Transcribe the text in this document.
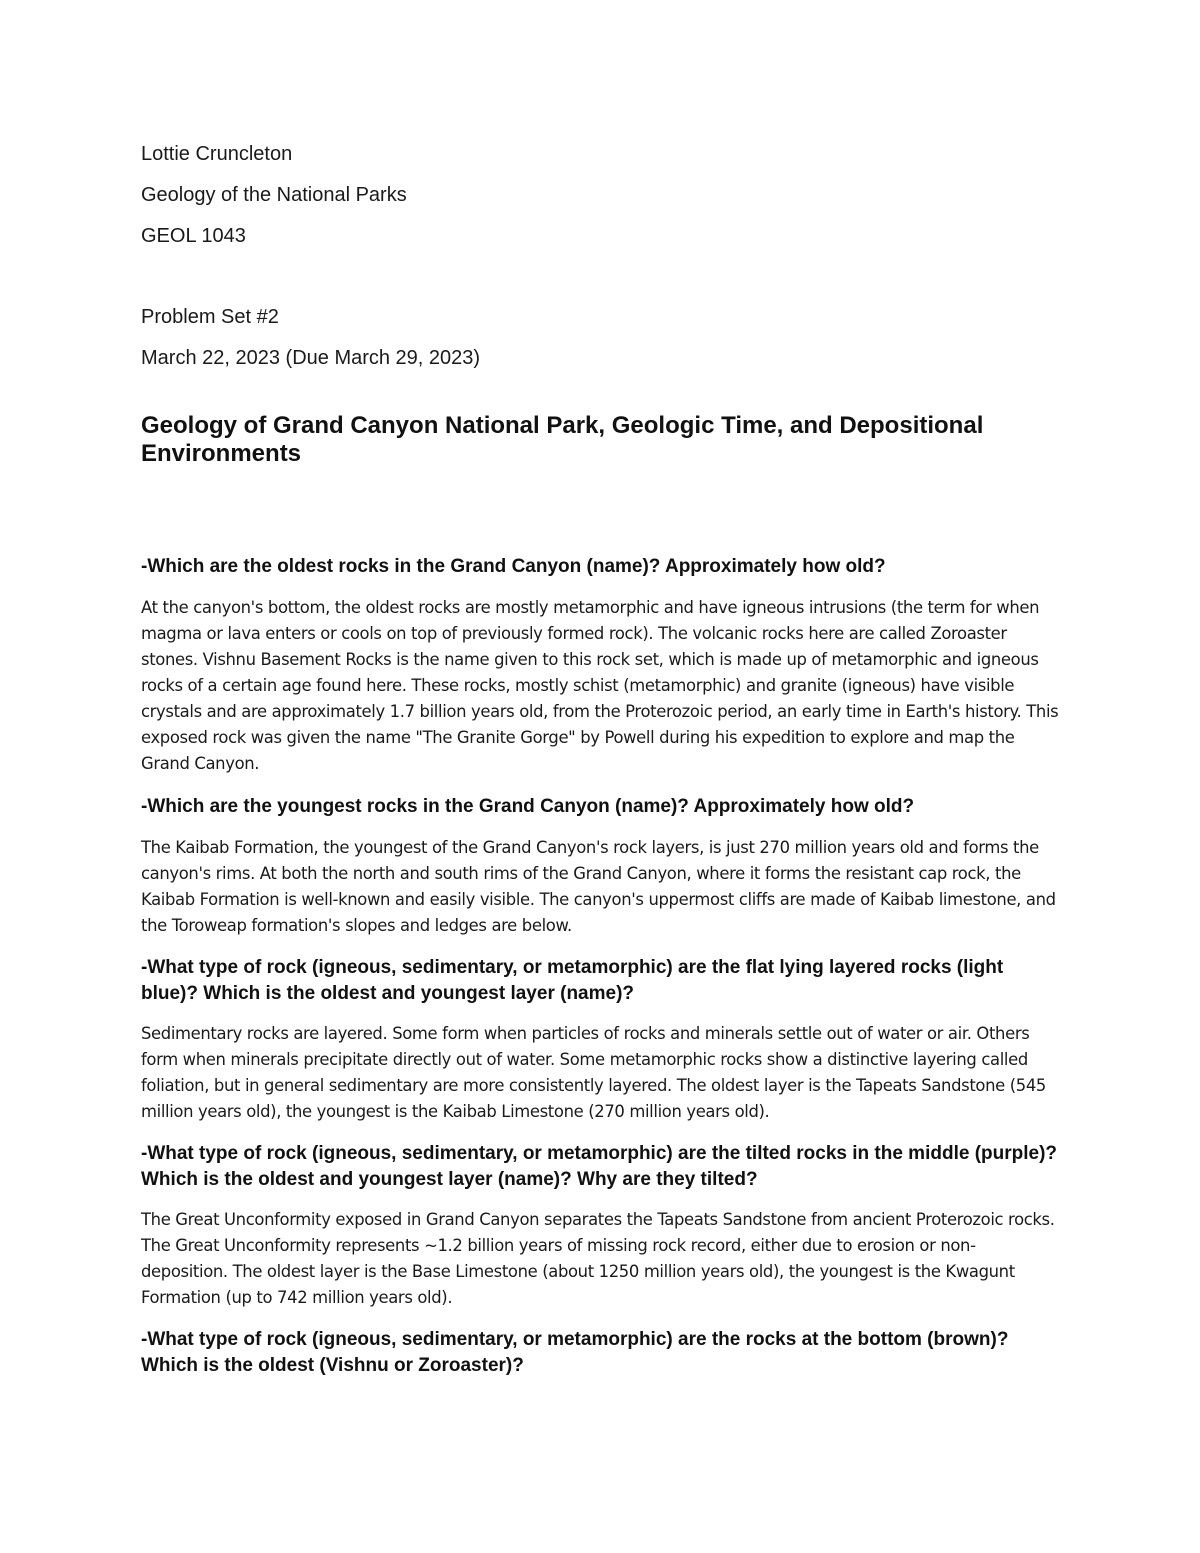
Lottie Cruncleton
Geology of the National Parks
GEOL 1043
Problem Set #2
March 22, 2023 (Due March 29, 2023)
Geology of Grand Canyon National Park, Geologic Time, and Depositional Environments

-Which are the oldest rocks in the Grand Canyon (name)? Approximately how old?

At the canyon's bottom, the oldest rocks are mostly metamorphic and have igneous intrusions (the term for when magma or lava enters or cools on top of previously formed rock). The volcanic rocks here are called Zoroaster stones. Vishnu Basement Rocks is the name given to this rock set, which is made up of metamorphic and igneous rocks of a certain age found here. These rocks, mostly schist (metamorphic) and granite (igneous) have visible crystals and are approximately 1.7 billion years old, from the Proterozoic period, an early time in Earth's history. This exposed rock was given the name "The Granite Gorge" by Powell during his expedition to explore and map the Grand Canyon.

-Which are the youngest rocks in the Grand Canyon (name)? Approximately how old?

The Kaibab Formation, the youngest of the Grand Canyon's rock layers, is just 270 million years old and forms the canyon's rims. At both the north and south rims of the Grand Canyon, where it forms the resistant cap rock, the Kaibab Formation is well-known and easily visible. The canyon's uppermost cliffs are made of Kaibab limestone, and the Toroweap formation's slopes and ledges are below.

-What type of rock (igneous, sedimentary, or metamorphic) are the flat lying layered rocks (light blue)? Which is the oldest and youngest layer (name)?

Sedimentary rocks are layered. Some form when particles of rocks and minerals settle out of water or air. Others form when minerals precipitate directly out of water. Some metamorphic rocks show a distinctive layering called foliation, but in general sedimentary are more consistently layered. The oldest layer is the Tapeats Sandstone (545 million years old), the youngest is the Kaibab Limestone (270 million years old).

-What type of rock (igneous, sedimentary, or metamorphic) are the tilted rocks in the middle (purple)? Which is the oldest and youngest layer (name)? Why are they tilted?

The Great Unconformity exposed in Grand Canyon separates the Tapeats Sandstone from ancient Proterozoic rocks. The Great Unconformity represents ~1.2 billion years of missing rock record, either due to erosion or non-deposition. The oldest layer is the Base Limestone (about 1250 million years old), the youngest is the Kwagunt Formation (up to 742 million years old).

-What type of rock (igneous, sedimentary, or metamorphic) are the rocks at the bottom (brown)? Which is the oldest (Vishnu or Zoroaster)?
